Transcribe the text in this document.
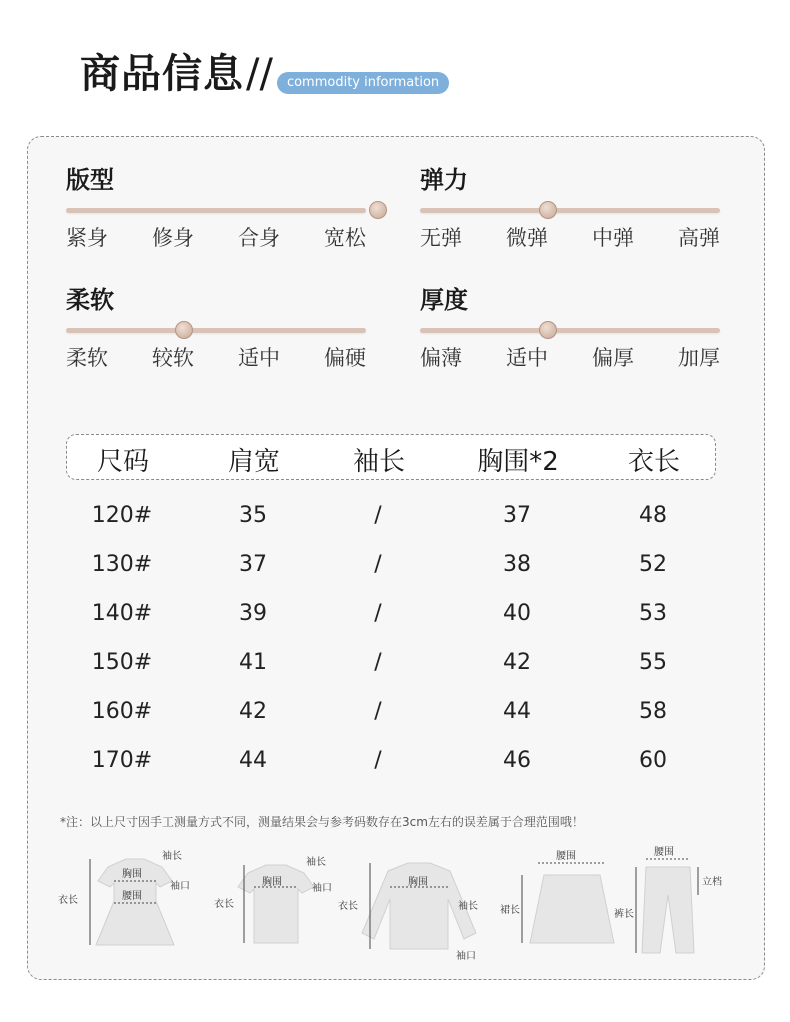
商品信息 //	commodity information
版型
紧身 修身 合身 宽松
弹力
无弹 微弹 中弹 高弹
柔软
柔软 较软 适中 偏硬
厚度
偏薄 适中 偏厚 加厚
尺码	肩宽	袖长	胸围*2	衣长
120#	35	/	37	48
130#	37	/	38	52
140#	39	/	40	53
150#	41	/	42	55
160#	42	/	44	58
170#	44	/	46	60
*注：以上尺寸因手工测量方式不同，测量结果会与参考码数存在3cm左右的误差属于合理范围哦！
胸围
腰围
衣长
袖长
袖口	胸围
衣长
袖长
袖口
胸围
衣长	袖长
袖口
腰围
裙长
腰围
裤长
立档
